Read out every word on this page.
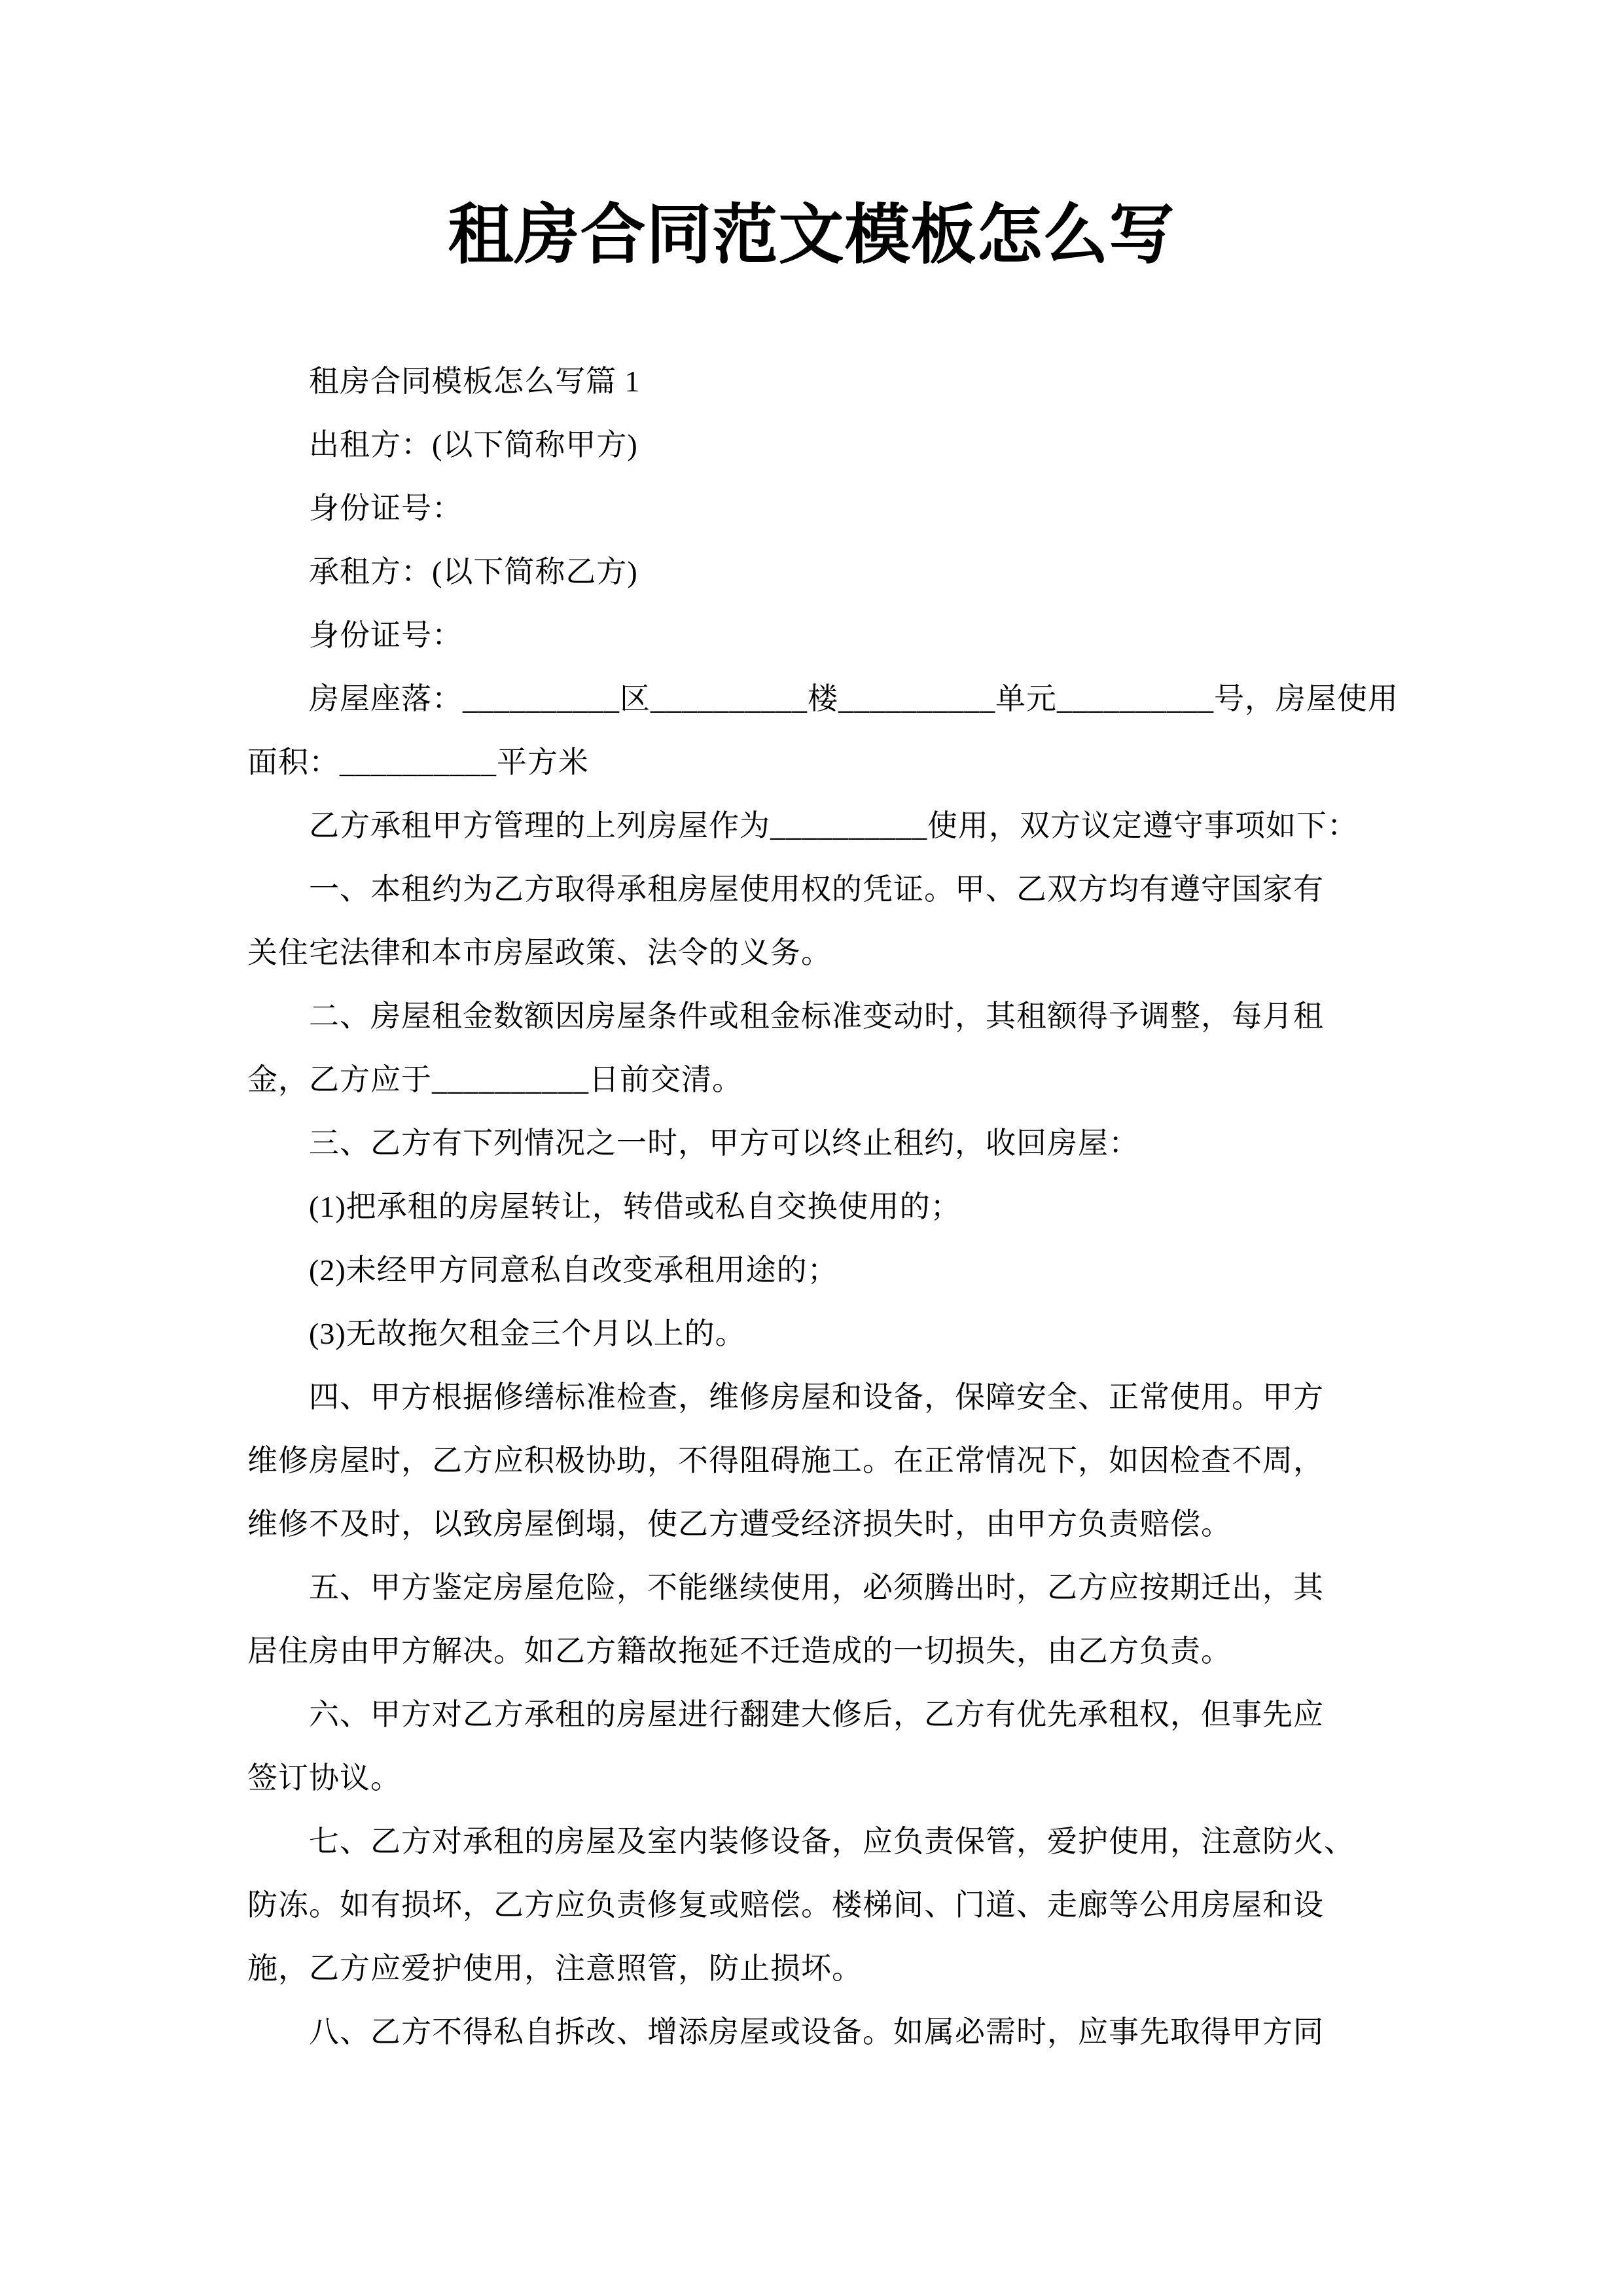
租房合同范文模板怎么写
租房合同模板怎么写篇 1
出租方：(以下简称甲方)
身份证号：
承租方：(以下简称乙方)
身份证号：
房屋座落：__________区__________楼__________单元__________号，房屋使用
面积：__________平方米
乙方承租甲方管理的上列房屋作为__________使用，双方议定遵守事项如下：
一、本租约为乙方取得承租房屋使用权的凭证。甲、乙双方均有遵守国家有
关住宅法律和本市房屋政策、法令的义务。
二、房屋租金数额因房屋条件或租金标准变动时，其租额得予调整，每月租
金，乙方应于__________日前交清。
三、乙方有下列情况之一时，甲方可以终止租约，收回房屋：
(1)把承租的房屋转让，转借或私自交换使用的；
(2)未经甲方同意私自改变承租用途的；
(3)无故拖欠租金三个月以上的。
四、甲方根据修缮标准检查，维修房屋和设备，保障安全、正常使用。甲方
维修房屋时，乙方应积极协助，不得阻碍施工。在正常情况下，如因检查不周，
维修不及时，以致房屋倒塌，使乙方遭受经济损失时，由甲方负责赔偿。
五、甲方鉴定房屋危险，不能继续使用，必须腾出时，乙方应按期迁出，其
居住房由甲方解决。如乙方籍故拖延不迁造成的一切损失，由乙方负责。
六、甲方对乙方承租的房屋进行翻建大修后，乙方有优先承租权，但事先应
签订协议。
七、乙方对承租的房屋及室内装修设备，应负责保管，爱护使用，注意防火、
防冻。如有损坏，乙方应负责修复或赔偿。楼梯间、门道、走廊等公用房屋和设
施，乙方应爱护使用，注意照管，防止损坏。
八、乙方不得私自拆改、增添房屋或设备。如属必需时，应事先取得甲方同
